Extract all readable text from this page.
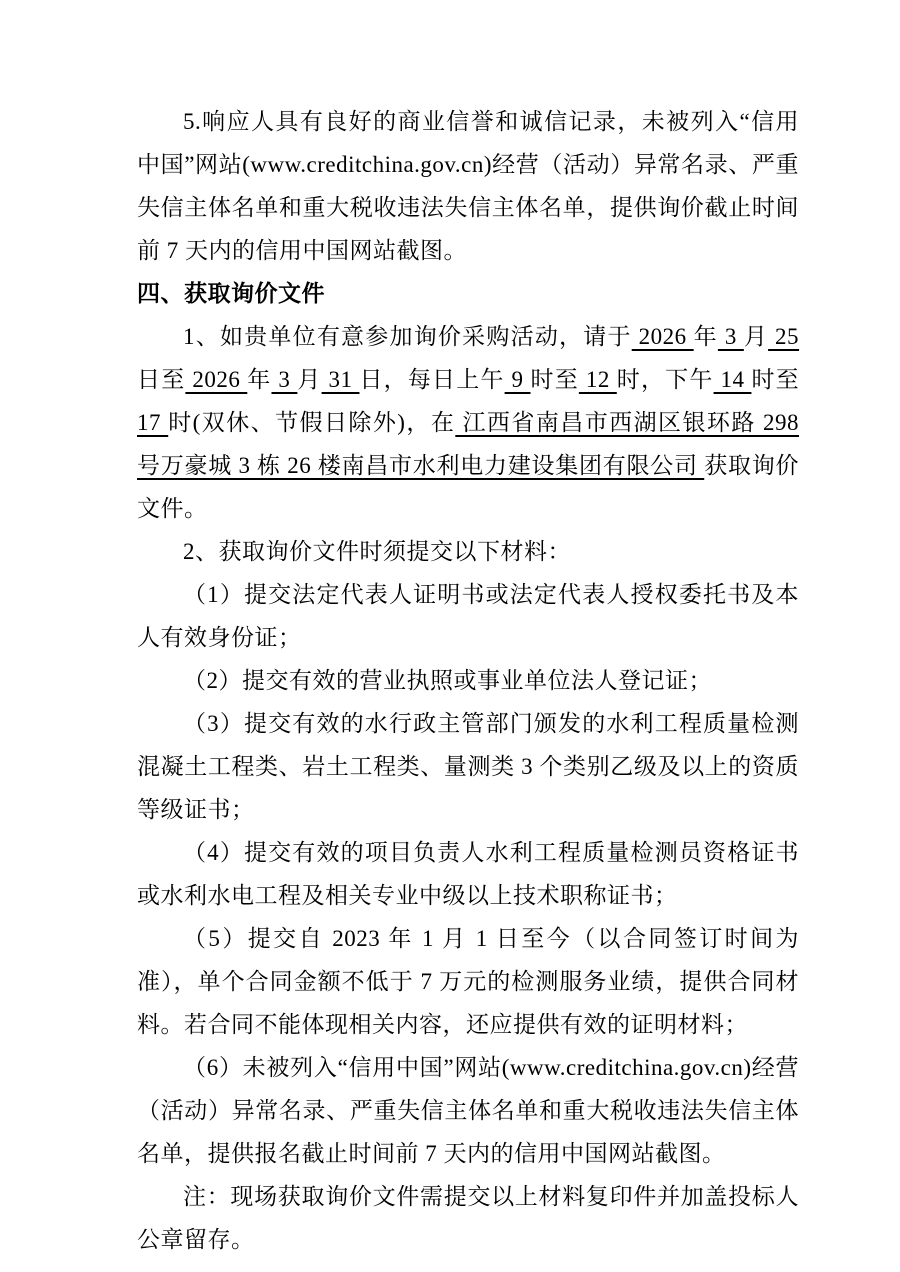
5.响应人具有良好的商业信誉和诚信记录，未被列入“信用中国”网站(www.creditchina.gov.cn)经营（活动）异常名录、严重失信主体名单和重大税收违法失信主体名单，提供询价截止时间前 7 天内的信用中国网站截图。

四、获取询价文件

1、如贵单位有意参加询价采购活动，请于 2026 年 3 月 25 日至 2026 年 3 月 31 日，每日上午 9 时至 12 时，下午 14 时至 17 时(双休、节假日除外)，在 江西省南昌市西湖区银环路 298 号万豪城 3 栋 26 楼南昌市水利电力建设集团有限公司 获取询价文件。

2、获取询价文件时须提交以下材料：

（1）提交法定代表人证明书或法定代表人授权委托书及本人有效身份证；

（2）提交有效的营业执照或事业单位法人登记证；

（3）提交有效的水行政主管部门颁发的水利工程质量检测混凝土工程类、岩土工程类、量测类 3 个类别乙级及以上的资质等级证书；

（4）提交有效的项目负责人水利工程质量检测员资格证书或水利水电工程及相关专业中级以上技术职称证书；

（5）提交自 2023 年 1 月 1 日至今（以合同签订时间为准），单个合同金额不低于 7 万元的检测服务业绩，提供合同材料。若合同不能体现相关内容，还应提供有效的证明材料；

（6）未被列入“信用中国”网站(www.creditchina.gov.cn)经营（活动）异常名录、严重失信主体名单和重大税收违法失信主体名单，提供报名截止时间前 7 天内的信用中国网站截图。

注：现场获取询价文件需提交以上材料复印件并加盖投标人公章留存。
